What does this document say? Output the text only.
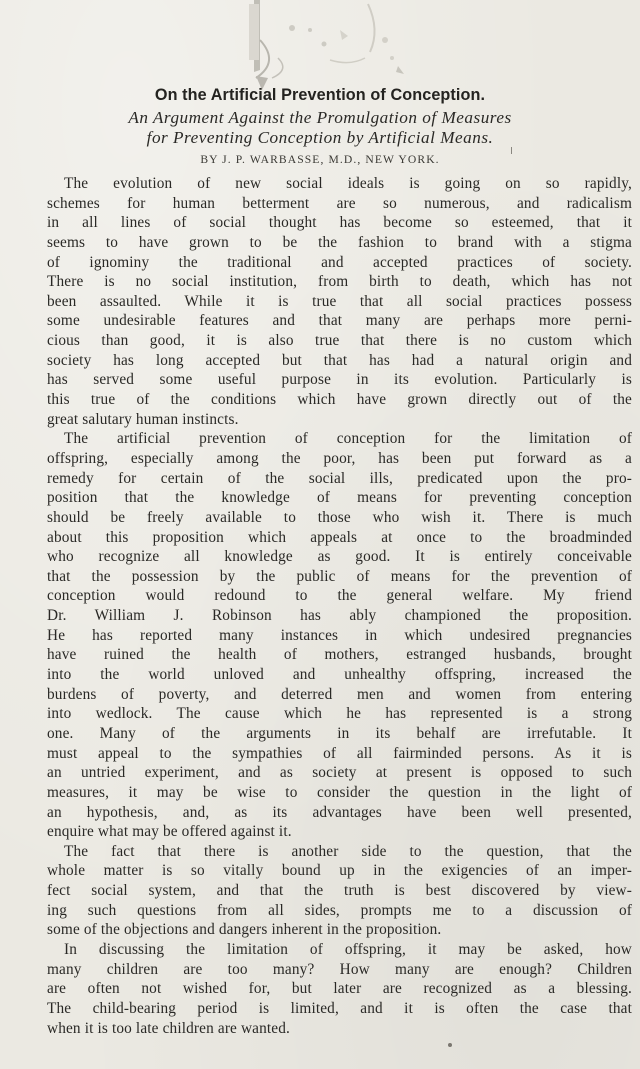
On the Artificial Prevention of Conception.
An Argument Against the Promulgation of Measures
for Preventing Conception by Artificial Means.
BY J. P. WARBASSE, M.D., NEW YORK.
The evolution of new social ideals is going on so rapidly,
schemes for human betterment are so numerous, and radicalism
in all lines of social thought has become so esteemed, that it
seems to have grown to be the fashion to brand with a stigma
of ignominy the traditional and accepted practices of society.
There is no social institution, from birth to death, which has not
been assaulted. While it is true that all social practices possess
some undesirable features and that many are perhaps more perni-
cious than good, it is also true that there is no custom which
society has long accepted but that has had a natural origin and
has served some useful purpose in its evolution. Particularly is
this true of the conditions which have grown directly out of the
great salutary human instincts.
The artificial prevention of conception for the limitation of
offspring, especially among the poor, has been put forward as a
remedy for certain of the social ills, predicated upon the pro-
position that the knowledge of means for preventing conception
should be freely available to those who wish it. There is much
about this proposition which appeals at once to the broadminded
who recognize all knowledge as good. It is entirely conceivable
that the possession by the public of means for the prevention of
conception would redound to the general welfare. My friend
Dr. William J. Robinson has ably championed the proposition.
He has reported many instances in which undesired pregnancies
have ruined the health of mothers, estranged husbands, brought
into the world unloved and unhealthy offspring, increased the
burdens of poverty, and deterred men and women from entering
into wedlock. The cause which he has represented is a strong
one. Many of the arguments in its behalf are irrefutable. It
must appeal to the sympathies of all fairminded persons. As it is
an untried experiment, and as society at present is opposed to such
measures, it may be wise to consider the question in the light of
an hypothesis, and, as its advantages have been well presented,
enquire what may be offered against it.
The fact that there is another side to the question, that the
whole matter is so vitally bound up in the exigencies of an imper-
fect social system, and that the truth is best discovered by view-
ing such questions from all sides, prompts me to a discussion of
some of the objections and dangers inherent in the proposition.
In discussing the limitation of offspring, it may be asked, how
many children are too many? How many are enough? Children
are often not wished for, but later are recognized as a blessing.
The child-bearing period is limited, and it is often the case that
when it is too late children are wanted.
